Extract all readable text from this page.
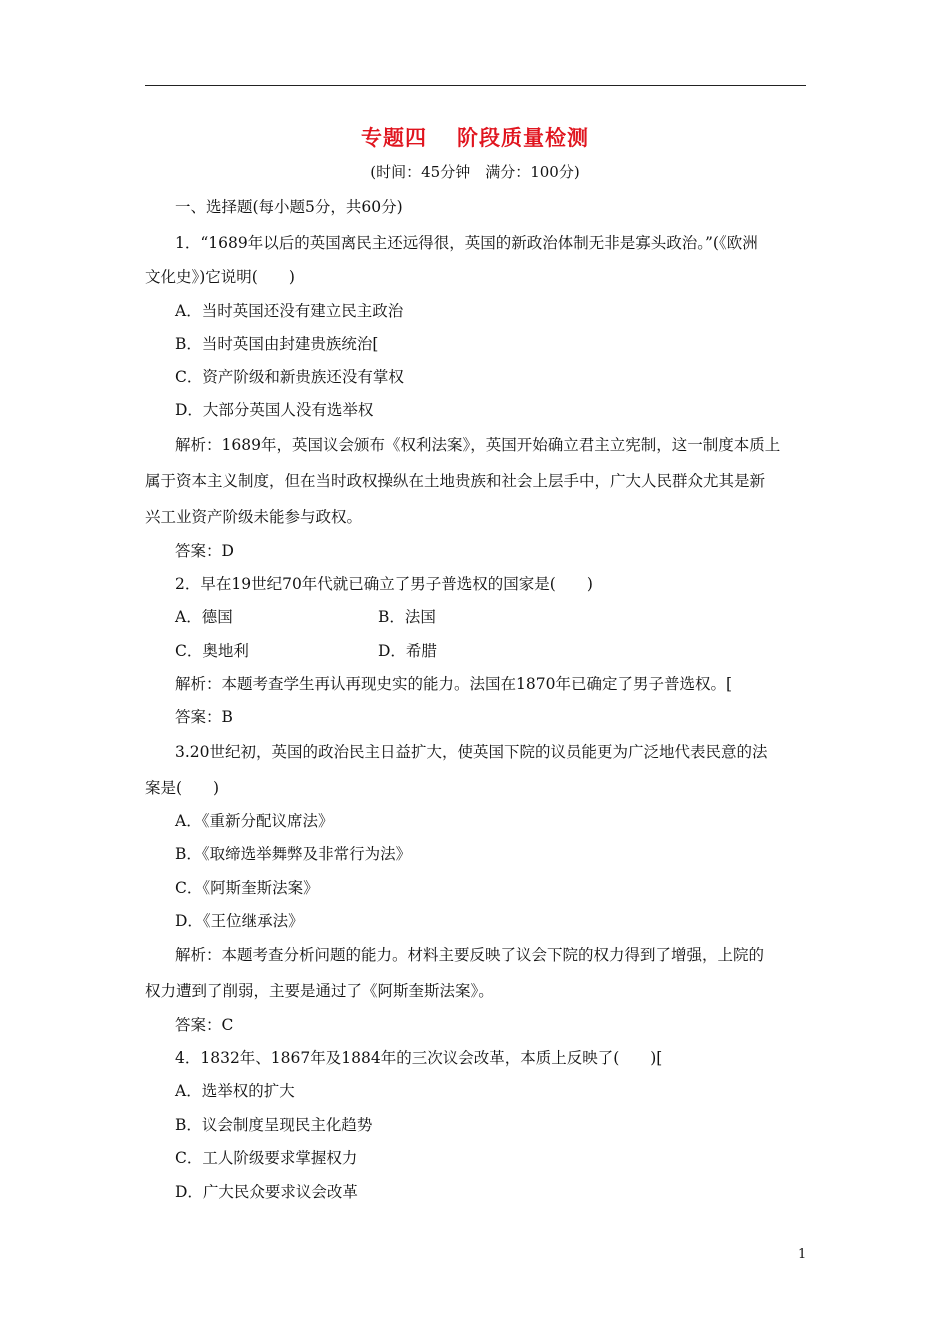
专题四 阶段质量检测
(时间：45分钟　满分：100分)
一、选择题(每小题5分，共60分)
1．“1689年以后的英国离民主还远得很，英国的新政治体制无非是寡头政治。”(《欧洲
文化史》)它说明(　　)
A．当时英国还没有建立民主政治
B．当时英国由封建贵族统治[
C．资产阶级和新贵族还没有掌权
D．大部分英国人没有选举权
解析：1689年，英国议会颁布《权利法案》，英国开始确立君主立宪制，这一制度本质上
属于资本主义制度，但在当时政权操纵在土地贵族和社会上层手中，广大人民群众尤其是新
兴工业资产阶级未能参与政权。
答案：D
2．早在19世纪70年代就已确立了男子普选权的国家是(　　)
A．德国	B．法国
C．奥地利	D．希腊
解析：本题考查学生再认再现史实的能力。法国在1870年已确定了男子普选权。[
答案：B
3.20世纪初，英国的政治民主日益扩大，使英国下院的议员能更为广泛地代表民意的法
案是(　　)
A．《重新分配议席法》
B．《取缔选举舞弊及非常行为法》
C．《阿斯奎斯法案》
D．《王位继承法》
解析：本题考查分析问题的能力。材料主要反映了议会下院的权力得到了增强，上院的
权力遭到了削弱，主要是通过了《阿斯奎斯法案》。
答案：C
4．1832年、1867年及1884年的三次议会改革，本质上反映了(　　)[
A．选举权的扩大
B．议会制度呈现民主化趋势
C．工人阶级要求掌握权力
D．广大民众要求议会改革
1
